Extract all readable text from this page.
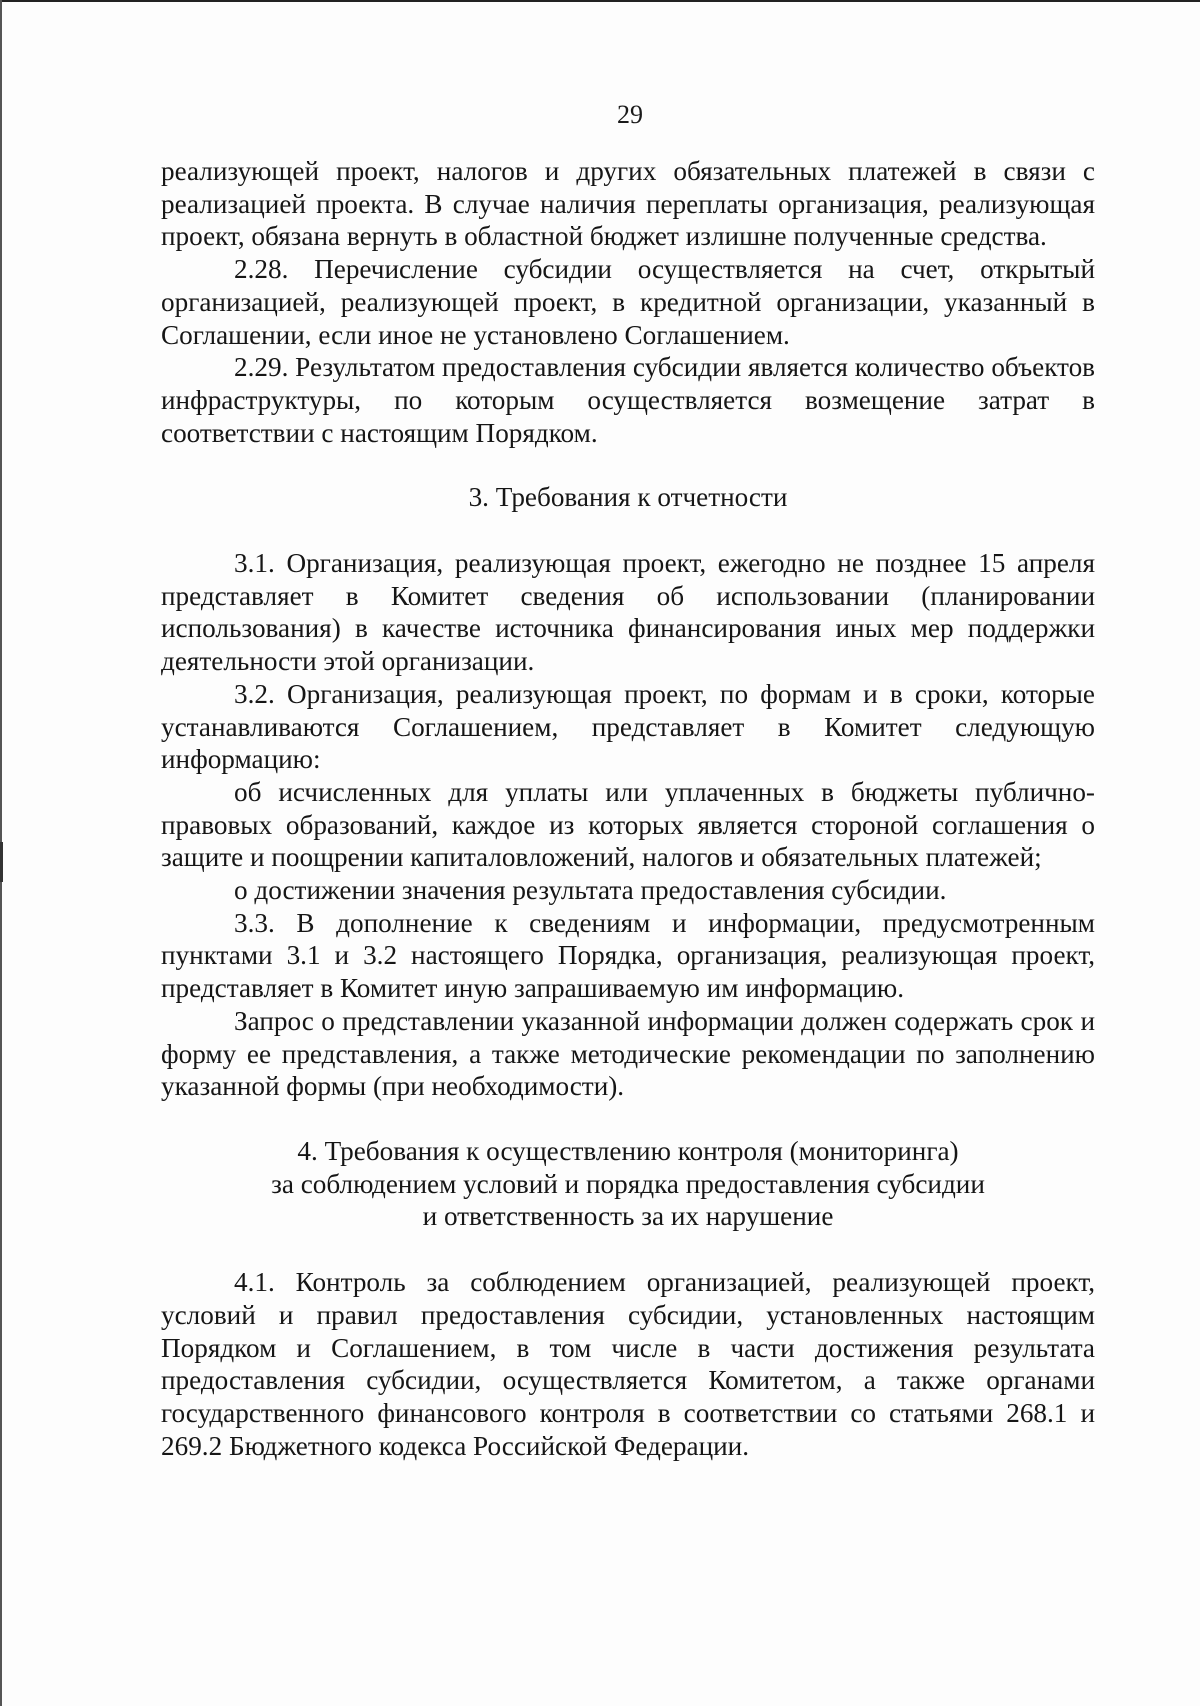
29

реализующей проект, налогов и других обязательных платежей в связи с реализацией проекта. В случае наличия переплаты организация, реализующая проект, обязана вернуть в областной бюджет излишне полученные средства.

2.28. Перечисление субсидии осуществляется на счет, открытый организацией, реализующей проект, в кредитной организации, указанный в Соглашении, если иное не установлено Соглашением.

2.29. Результатом предоставления субсидии является количество объектов инфраструктуры, по которым осуществляется возмещение затрат в соответствии с настоящим Порядком.

3. Требования к отчетности

3.1. Организация, реализующая проект, ежегодно не позднее 15 апреля представляет в Комитет сведения об использовании (планировании использования) в качестве источника финансирования иных мер поддержки деятельности этой организации.

3.2. Организация, реализующая проект, по формам и в сроки, которые устанавливаются Соглашением, представляет в Комитет следующую информацию:

об исчисленных для уплаты или уплаченных в бюджеты публично-правовых образований, каждое из которых является стороной соглашения о защите и поощрении капиталовложений, налогов и обязательных платежей;

о достижении значения результата предоставления субсидии.

3.3. В дополнение к сведениям и информации, предусмотренным пунктами 3.1 и 3.2 настоящего Порядка, организация, реализующая проект, представляет в Комитет иную запрашиваемую им информацию.

Запрос о представлении указанной информации должен содержать срок и форму ее представления, а также методические рекомендации по заполнению указанной формы (при необходимости).

4. Требования к осуществлению контроля (мониторинга)

за соблюдением условий и порядка предоставления субсидии

и ответственность за их нарушение

4.1. Контроль за соблюдением организацией, реализующей проект, условий и правил предоставления субсидии, установленных настоящим Порядком и Соглашением, в том числе в части достижения результата предоставления субсидии, осуществляется Комитетом, а также органами государственного финансового контроля в соответствии со статьями 268.1 и 269.2 Бюджетного кодекса Российской Федерации.
